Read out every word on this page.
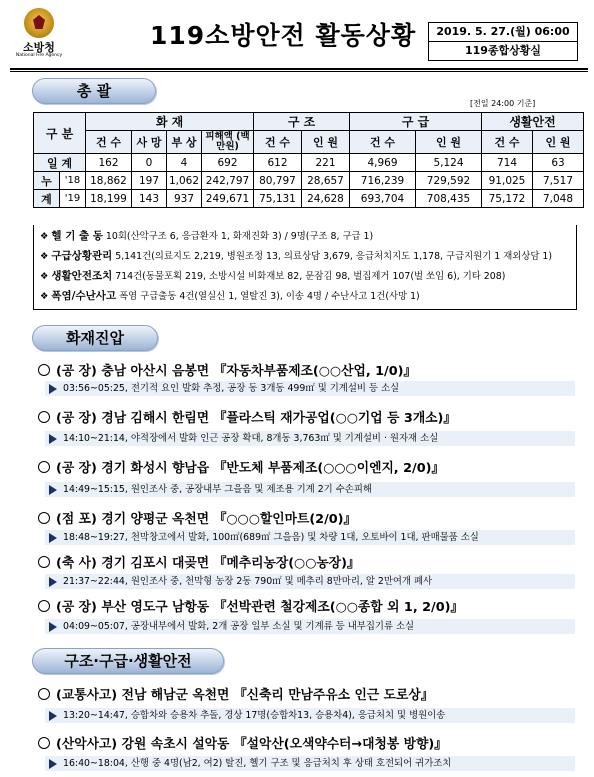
소방청
National Fire Agency
119소방안전 활동상황	2019. 5. 27.(월) 06:00
119종합상황실
총 괄
[전일 24:00 기준]
구 분		화 재				구 조		구 급		생활안전	
		건 수	사 망	부 상	피해액 (백만원)	건 수	인 원	건 수	인 원	건 수	인 원
일 계		162	0	4	692	612	221	4,969	5,124	714	63
누	'18	18,862	197	1,062	242,797	80,797	28,657	716,239	729,592	91,025	7,517
계	'19	18,199	143	937	249,671	75,131	24,628	693,704	708,435	75,172	7,048
❖ 헬 기 출 동 10회(산악구조 6, 응급환자 1, 화재진화 3) / 9명(구조 8, 구급 1)
❖ 구급상황관리 5,141건(의료지도 2,219, 병원조정 13, 의료상담 3,679, 응급처치지도 1,178, 구급지원기 1 재외상담 1)
❖ 생활안전조치 714건(동물포획 219, 소방시설 비화재보 82, 문잠김 98, 벌집제거 107(벌 쏘임 6), 기타 208)
❖ 폭염/수난사고 폭염 구급출동 4건(열실신 1, 열탈진 3), 이송 4명 / 수난사고 1건(사망 1)
화재진압
(공 장) 충남 아산시 음봉면 『자동차부품제조(○○산업, 1/0)』
03:56~05:25, 전기적 요인 발화 추정, 공장 동 3개동 499㎡ 및 기계설비 등 소실
(공 장) 경남 김해시 한림면 『플라스틱 재가공업(○○기업 등 3개소)』
14:10~21:14, 야적장에서 발화 인근 공장 확대, 8개동 3,763㎡ 및 기계설비 · 원자재 소실
(공 장) 경기 화성시 향남읍 『반도체 부품제조(○○○이엔지, 2/0)』
14:49~15:15, 원인조사 중, 공장내부 그을음 및 제조용 기계 2기 수손피해
(점 포) 경기 양평군 옥천면 『○○○할인마트(2/0)』
18:48~19:27, 천막창고에서 발화, 100㎡(689㎡ 그을음) 및 차량 1대, 오토바이 1대, 판매물품 소실
(축 사) 경기 김포시 대곶면 『메추리농장(○○농장)』
21:37~22:44, 원인조사 중, 천막형 농장 2동 790㎡ 및 메추리 8만마리, 알 2만여개 폐사
(공 장) 부산 영도구 남항동 『선박관련 철강제조(○○종합 외 1, 2/0)』
04:09~05:07, 공장내부에서 발화, 2개 공장 일부 소실 및 기계류 등 내부집기류 소실
구조·구급·생활안전
(교통사고) 전남 해남군 옥천면 『신축리 만남주유소 인근 도로상』
13:20~14:47, 승합차와 승용차 추돌, 경상 17명(승합차13, 승용차4), 응급처치 및 병원이송
(산악사고) 강원 속초시 설악동 『설악산(오색약수터→대청봉 방향)』
16:40~18:04, 산행 중 4명(남2, 여2) 탈진, 헬기 구조 및 응급처치 후 상태 호전되어 귀가조치
